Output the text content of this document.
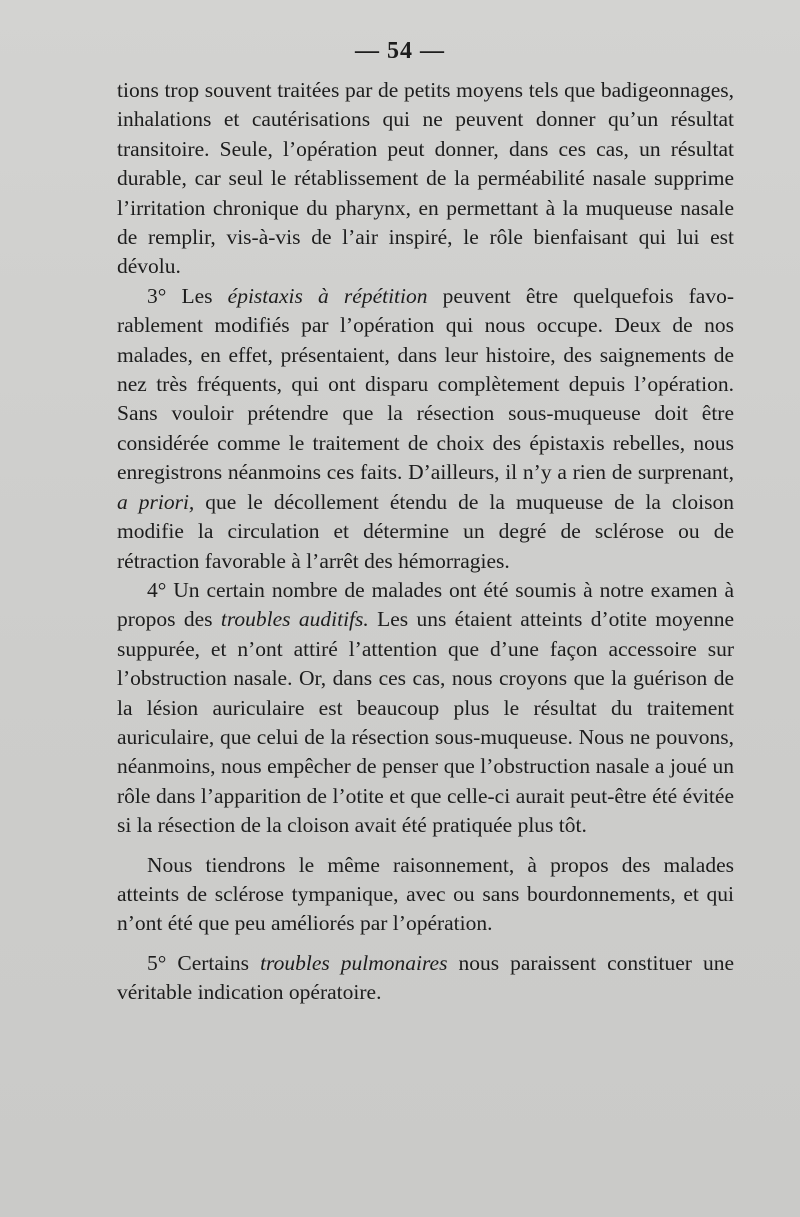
— 54 —

tions trop souvent traitées par de petits moyens tels que badigeonnages, inhalations et cautérisations qui ne peuvent donner qu’un résultat transitoire. Seule, l’opération peut donner, dans ces cas, un résultat durable, car seul le rétablissement de la perméabilité nasale supprime l’irritation chronique du pharynx, en permettant à la muqueuse nasale de remplir, vis-à-vis de l’air inspiré, le rôle bienfaisant qui lui est dévolu.

3° Les épistaxis à répétition peuvent être quelquefois favorablement modifiés par l’opération qui nous occupe. Deux de nos malades, en effet, présentaient, dans leur histoire, des saignements de nez très fréquents, qui ont disparu complètement depuis l’opération. Sans vouloir prétendre que la résection sous-muqueuse doit être considérée comme le traitement de choix des épistaxis rebelles, nous enregistrons néanmoins ces faits. D’ailleurs, il n’y a rien de surprenant, a priori, que le décollement étendu de la muqueuse de la cloison modifie la circulation et détermine un degré de sclérose ou de rétraction favorable à l’arrêt des hémorragies.

4° Un certain nombre de malades ont été soumis à notre examen à propos des troubles auditifs. Les uns étaient atteints d’otite moyenne suppurée, et n’ont attiré l’attention que d’une façon accessoire sur l’obstruction nasale. Or, dans ces cas, nous croyons que la guérison de la lésion auriculaire est beaucoup plus le résultat du traitement auriculaire, que celui de la résection sous-muqueuse. Nous ne pouvons, néanmoins, nous empêcher de penser que l’obstruction nasale a joué un rôle dans l’apparition de l’otite et que celle-ci aurait peut-être été évitée si la résection de la cloison avait été pratiquée plus tôt.

Nous tiendrons le même raisonnement, à propos des malades atteints de sclérose tympanique, avec ou sans bourdonnements, et qui n’ont été que peu améliorés par l’opération.

5° Certains troubles pulmonaires nous paraissent constituer une véritable indication opératoire.
